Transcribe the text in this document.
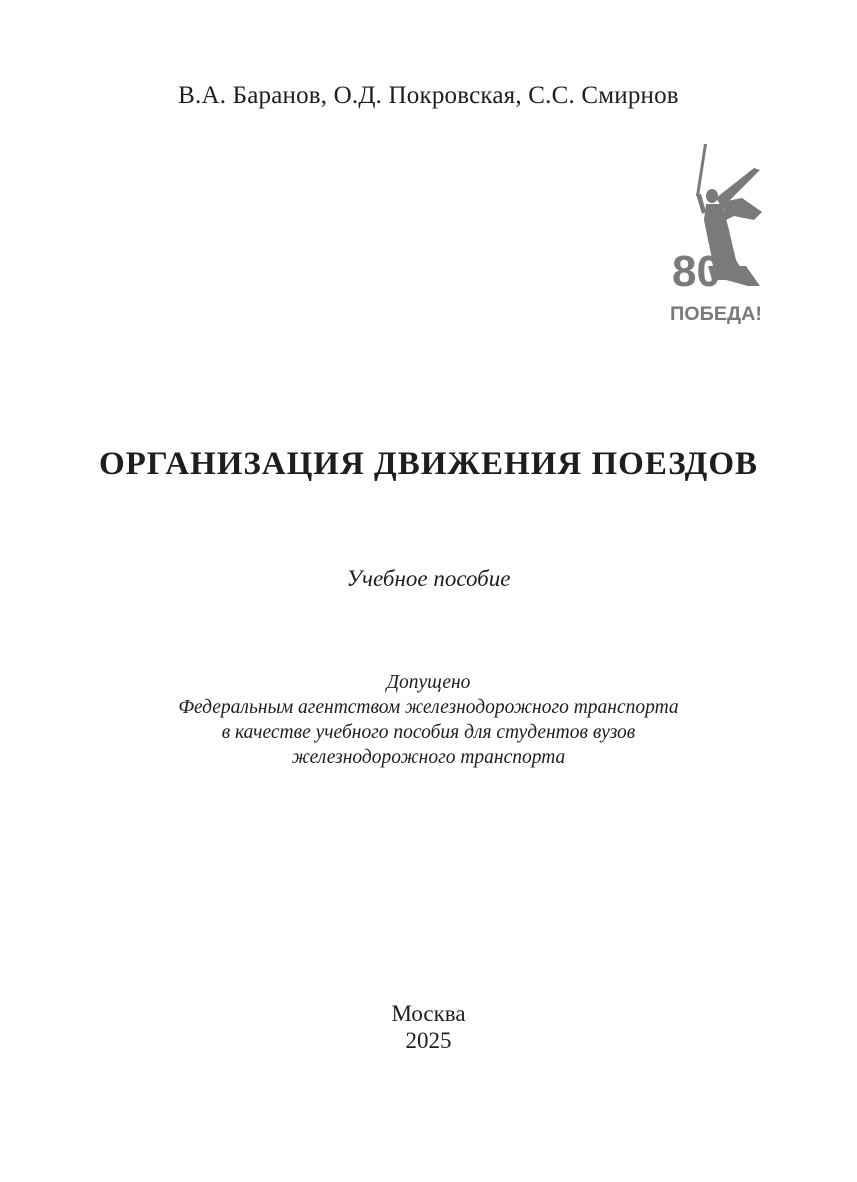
В.А. Баранов, О.Д. Покровская, С.С. Смирнов
80
ПОБЕДА!
ОРГАНИЗАЦИЯ ДВИЖЕНИЯ ПОЕЗДОВ
Учебное пособие
Допущено
Федеральным агентством железнодорожного транспорта
в качестве учебного пособия для студентов вузов
железнодорожного транспорта
Москва
2025
